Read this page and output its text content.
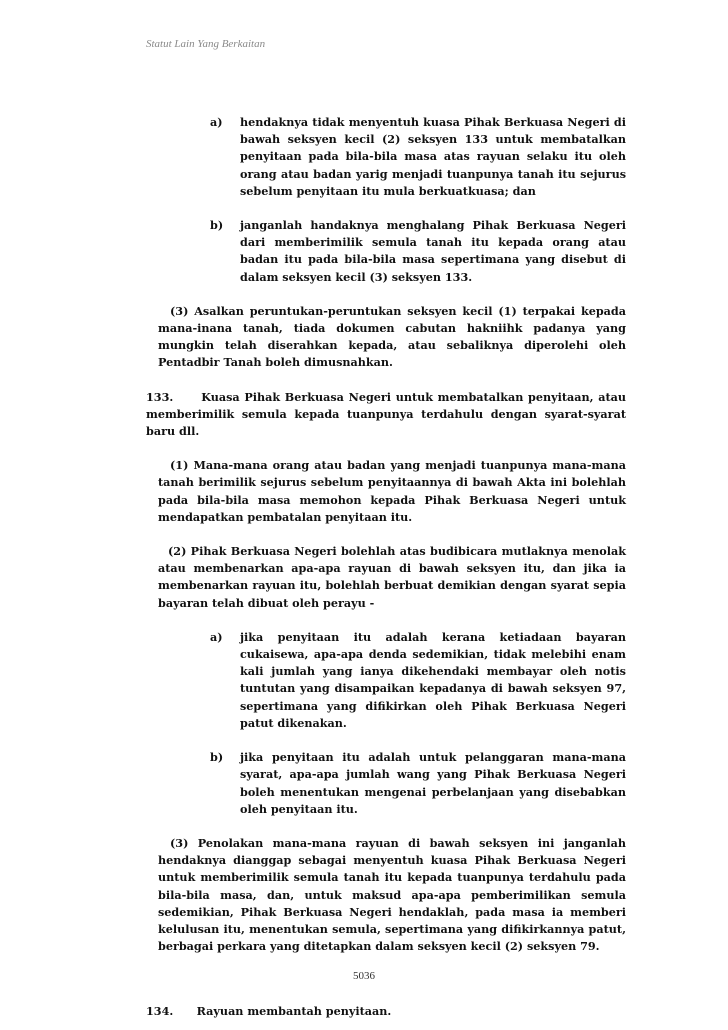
Statut Lain Yang Berkaitan
a)	hendaknya tidak menyentuh kuasa Pihak Berkuasa Negeri di bawah seksyen kecil (2) seksyen 133 untuk membatalkan penyitaan pada bila-bila masa atas rayuan selaku itu oleh orang atau badan yarig menjadi tuanpunya tanah itu sejurus sebelum penyitaan itu mula berkuatkuasa; dan
b)	janganlah handaknya menghalang Pihak Berkuasa Negeri dari memberimilik semula tanah itu kepada orang atau badan itu pada bila-bila masa sepertimana yang disebut di dalam seksyen kecil (3) seksyen 133.

(3) Asalkan peruntukan-peruntukan seksyen kecil (1) terpakai kepada mana-inana tanah, tiada dokumen cabutan hakniihk padanya yang mungkin telah diserahkan kepada, atau sebaliknya diperolehi oleh Pentadbir Tanah boleh dimusnahkan.

133.	Kuasa Pihak Berkuasa Negeri untuk membatalkan penyitaan, atau memberimilik semula kepada tuanpunya terdahulu dengan syarat-syarat baru dll.

(1) Mana-mana orang atau badan yang menjadi tuanpunya mana-mana tanah berimilik sejurus sebelum penyitaannya di bawah Akta ini bolehlah pada bila-bila masa memohon kepada Pihak Berkuasa Negeri untuk mendapatkan pembatalan penyitaan itu.

(2) Pihak Berkuasa Negeri bolehlah atas budibicara mutlaknya menolak atau membenarkan apa-apa rayuan di bawah seksyen itu, dan jika ia membenarkan rayuan itu, bolehlah berbuat demikian dengan syarat sepia bayaran telah dibuat oleh perayu -

a)	jika penyitaan itu adalah kerana ketiadaan bayaran cukaisewa, apa-apa denda sedemikian, tidak melebihi enam kali jumlah yang ianya dikehendaki membayar oleh notis tuntutan yang disampaikan kepadanya di bawah seksyen 97, sepertimana yang difikirkan oleh Pihak Berkuasa Negeri patut dikenakan.
b)	jika penyitaan itu adalah untuk pelanggaran mana-mana syarat, apa-apa jumlah wang yang Pihak Berkuasa Negeri boleh menentukan mengenai perbelanjaan yang disebabkan oleh penyitaan itu.

(3) Penolakan mana-mana rayuan di bawah seksyen ini janganlah hendaknya dianggap sebagai menyentuh kuasa Pihak Berkuasa Negeri untuk memberimilik semula tanah itu kepada tuanpunya terdahulu pada bila-bila masa, dan, untuk maksud apa-apa pemberimilikan semula sedemikian, Pihak Berkuasa Negeri hendaklah, pada masa ia memberi kelulusan itu, menentukan semula, sepertimana yang difikirkannya patut, berbagai perkara yang ditetapkan dalam seksyen kecil (2) seksyen 79.

134. Rayuan membantah penyitaan.

5036
